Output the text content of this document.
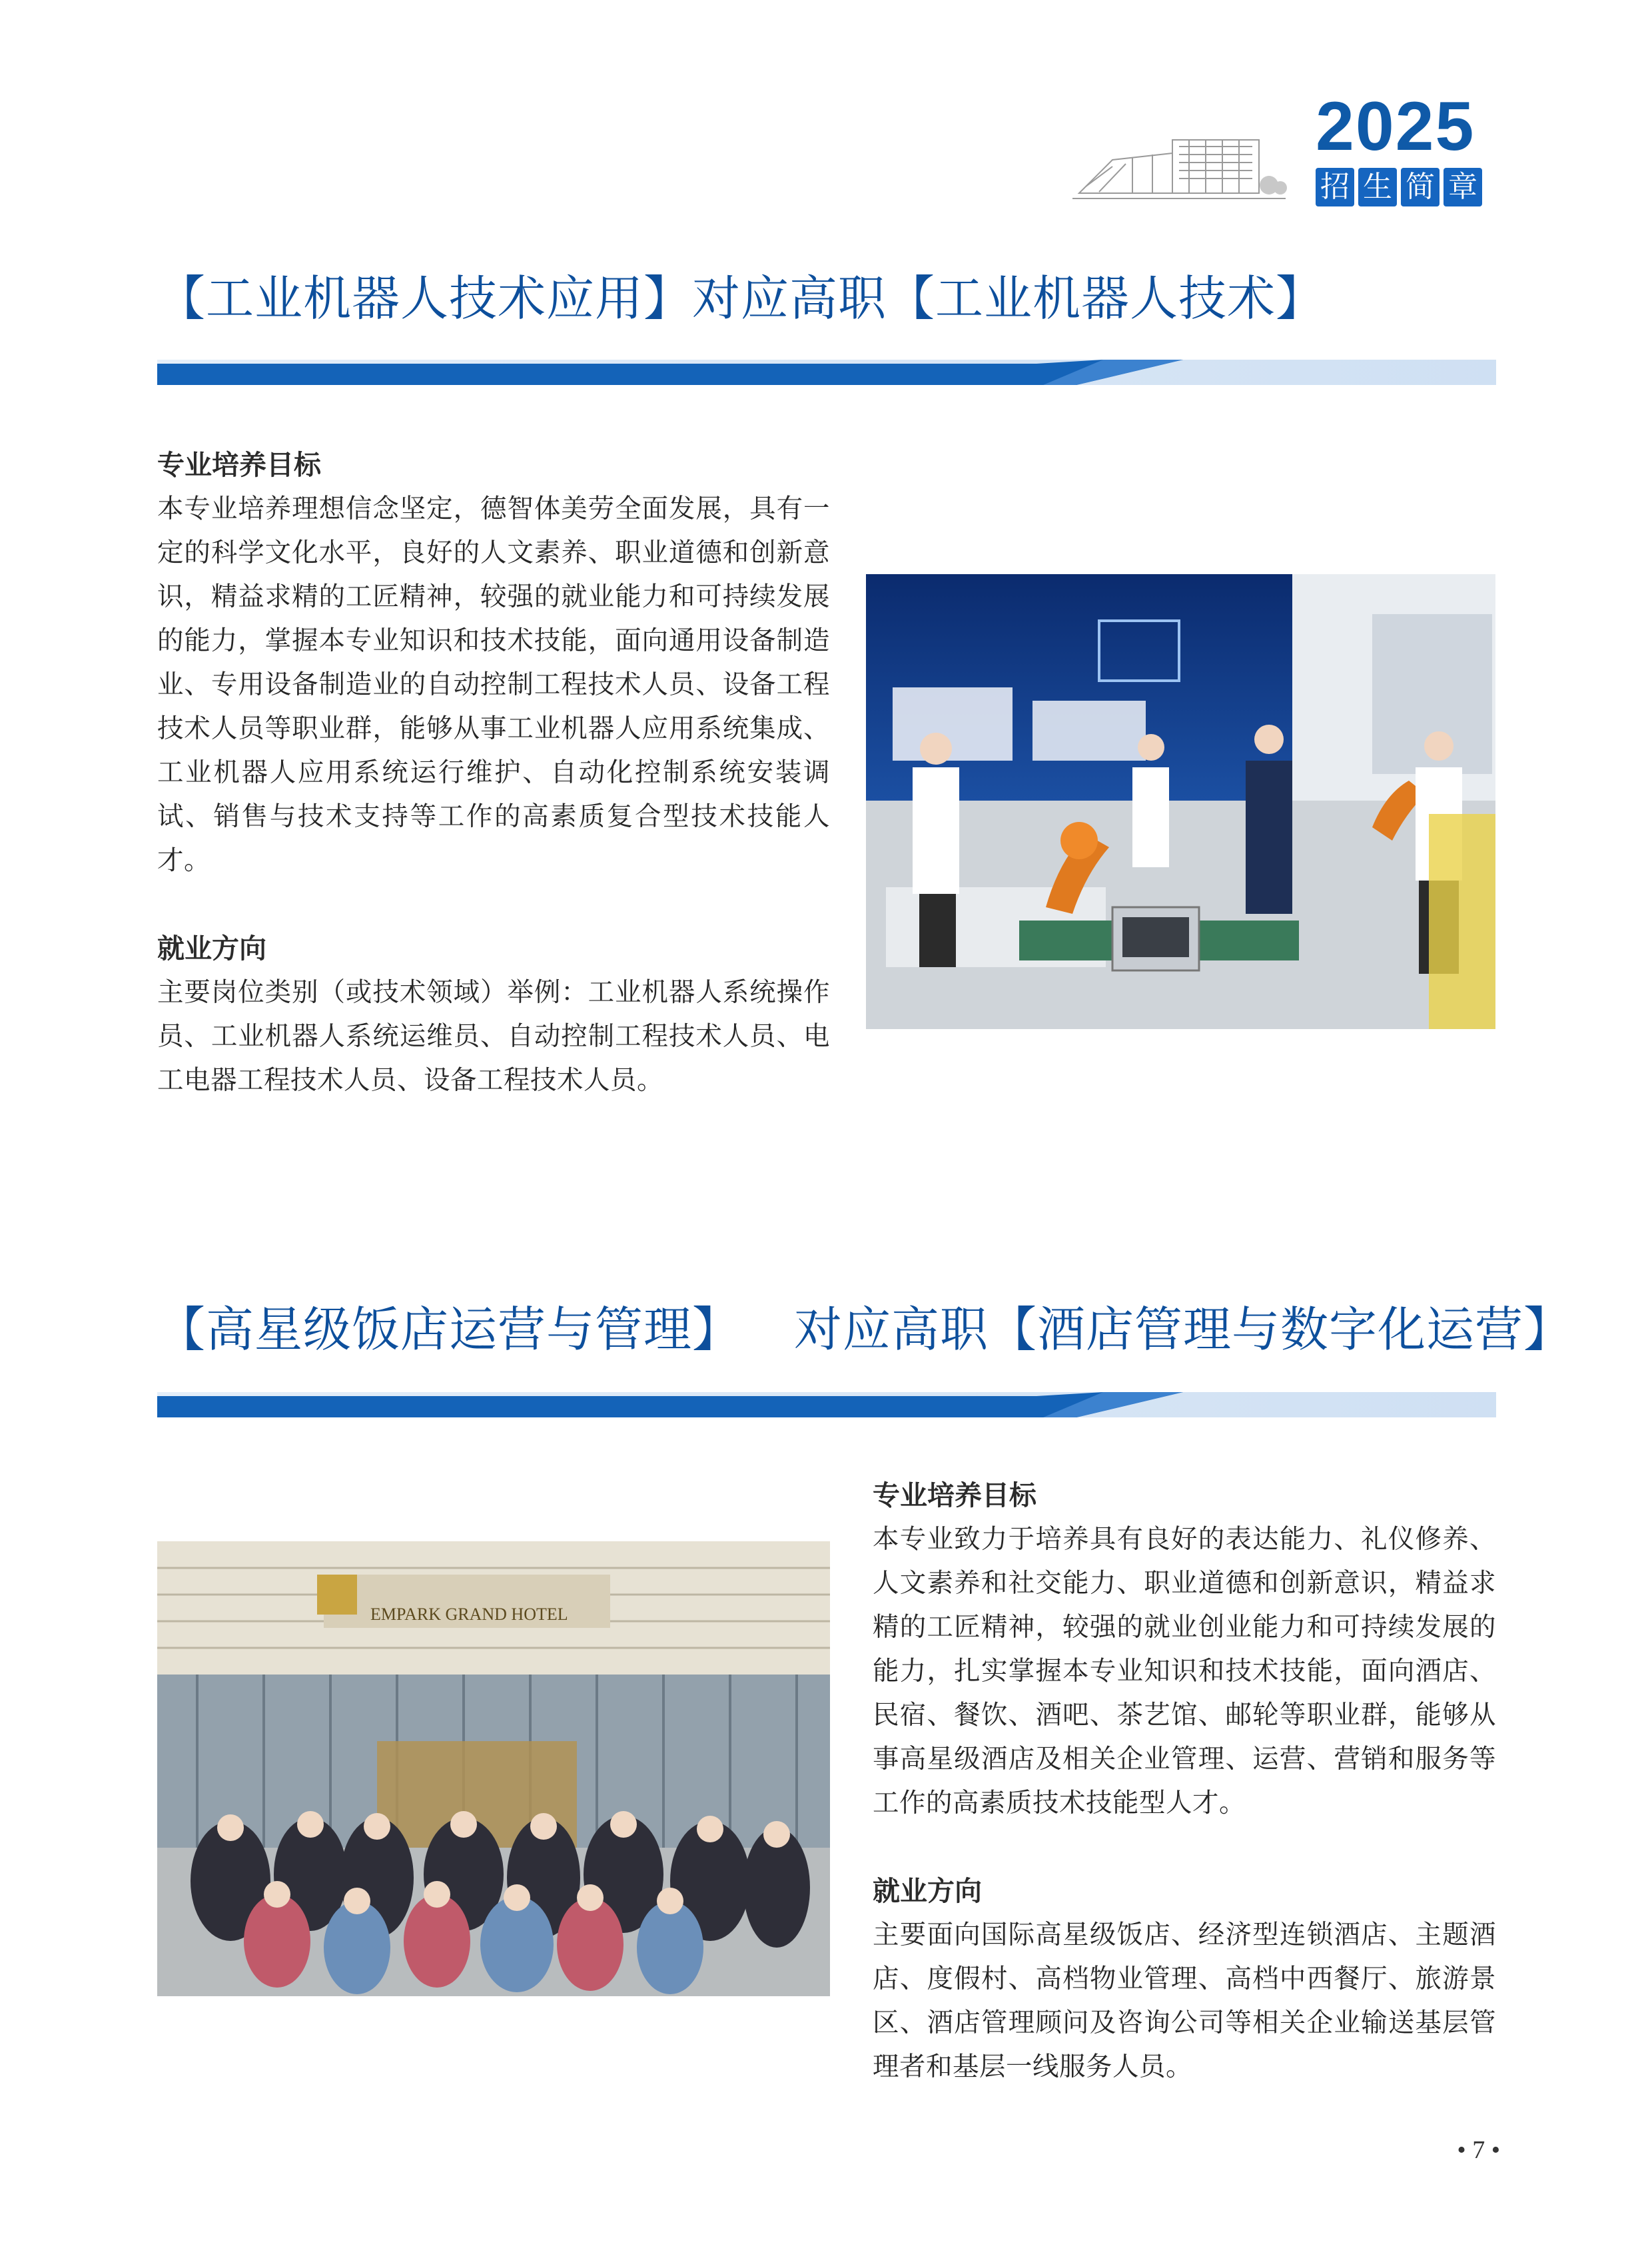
2025
招 生 简 章
【工业机器人技术应用】对应高职【工业机器人技术】

专业培养目标

本专业培养理想信念坚定，德智体美劳全面发展，具有一定的科学文化水平，良好的人文素养、职业道德和创新意识，精益求精的工匠精神，较强的就业能力和可持续发展的能力，掌握本专业知识和技术技能，面向通用设备制造业、专用设备制造业的自动控制工程技术人员、设备工程技术人员等职业群，能够从事工业机器人应用系统集成、工业机器人应用系统运行维护、自动化控制系统安装调试、销售与技术支持等工作的高素质复合型技术技能人才。

就业方向

主要岗位类别（或技术领域）举例：工业机器人系统操作员、工业机器人系统运维员、自动控制工程技术人员、电工电器工程技术人员、设备工程技术人员。

【高星级饭店运营与管理】 对应高职【酒店管理与数字化运营】
EMPARK GRAND HOTEL

专业培养目标

本专业致力于培养具有良好的表达能力、礼仪修养、人文素养和社交能力、职业道德和创新意识，精益求精的工匠精神，较强的就业创业能力和可持续发展的能力，扎实掌握本专业知识和技术技能，面向酒店、民宿、餐饮、酒吧、茶艺馆、邮轮等职业群，能够从事高星级酒店及相关企业管理、运营、营销和服务等工作的高素质技术技能型人才。

就业方向

主要面向国际高星级饭店、经济型连锁酒店、主题酒店、度假村、高档物业管理、高档中西餐厅、旅游景区、酒店管理顾问及咨询公司等相关企业输送基层管理者和基层一线服务人员。

• 7 •
